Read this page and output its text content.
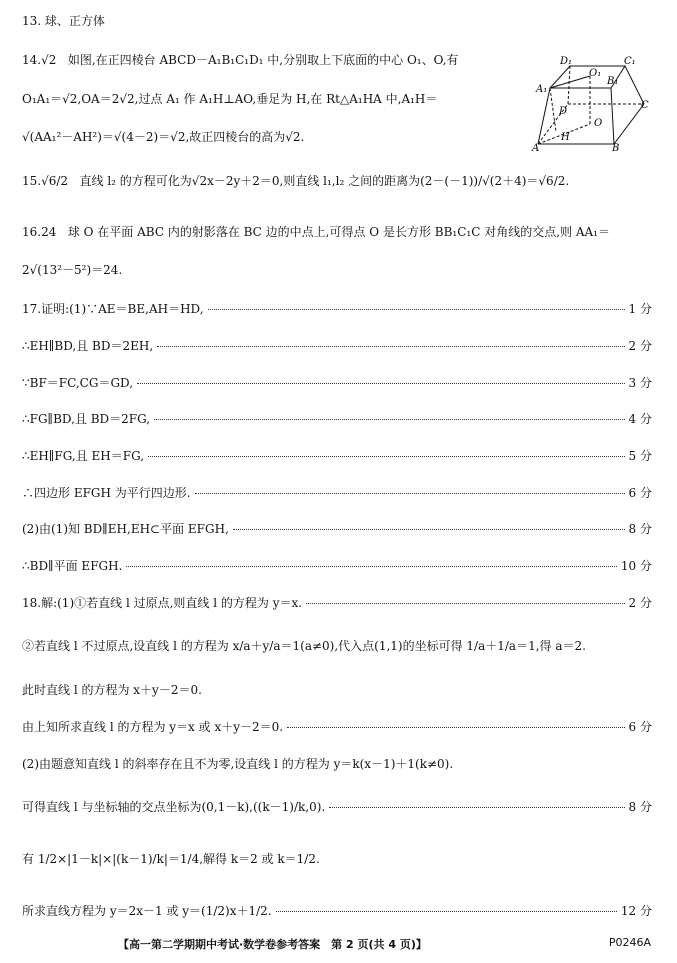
13. 球、正方体
14.√2 如图,在正四棱台 ABCD－A₁B₁C₁D₁ 中,分别取上下底面的中心 O₁、O,有
O₁A₁＝√2,OA＝2√2,过点 A₁ 作 A₁H⊥AO,垂足为 H,在 Rt△A₁HA 中,A₁H＝
√(AA₁²－AH²)＝√(4－2)＝√2,故正四棱台的高为√2.
D₁	C₁
O₁
A₁
B₁
D
C
O
H
A	B
15.√6/2 直线 l₂ 的方程可化为√2x－2y＋2＝0,则直线 l₁,l₂ 之间的距离为(2－(－1))/√(2＋4)＝√6/2.
16.24 球 O 在平面 ABC 内的射影落在 BC 边的中点上,可得点 O 是长方形 BB₁C₁C 对角线的交点,则 AA₁＝
2√(13²－5²)＝24.
17.证明:(1)∵AE＝BE,AH＝HD,	1 分
∴EH∥BD,且 BD＝2EH,	2 分
∵BF＝FC,CG＝GD,	3 分
∴FG∥BD,且 BD＝2FG,	4 分
∴EH∥FG,且 EH＝FG,	5 分
∴四边形 EFGH 为平行四边形.	6 分
(2)由(1)知 BD∥EH,EH⊂平面 EFGH,	8 分
∴BD∥平面 EFGH.	10 分
18.解:(1)①若直线 l 过原点,则直线 l 的方程为 y＝x.	2 分
②若直线 l 不过原点,设直线 l 的方程为 x/a＋y/a＝1(a≠0),代入点(1,1)的坐标可得 1/a＋1/a＝1,得 a＝2.
此时直线 l 的方程为 x＋y－2＝0.
由上知所求直线 l 的方程为 y＝x 或 x＋y－2＝0.	6 分
(2)由题意知直线 l 的斜率存在且不为零,设直线 l 的方程为 y＝k(x－1)＋1(k≠0).
可得直线 l 与坐标轴的交点坐标为(0,1－k),((k－1)/k,0).	8 分
有 1/2×|1－k|×|(k－1)/k|＝1/4,解得 k＝2 或 k＝1/2.
所求直线方程为 y＝2x－1 或 y＝(1/2)x＋1/2.	12 分
【高一第二学期期中考试·数学卷参考答案　第 2 页(共 4 页)】	P0246A
